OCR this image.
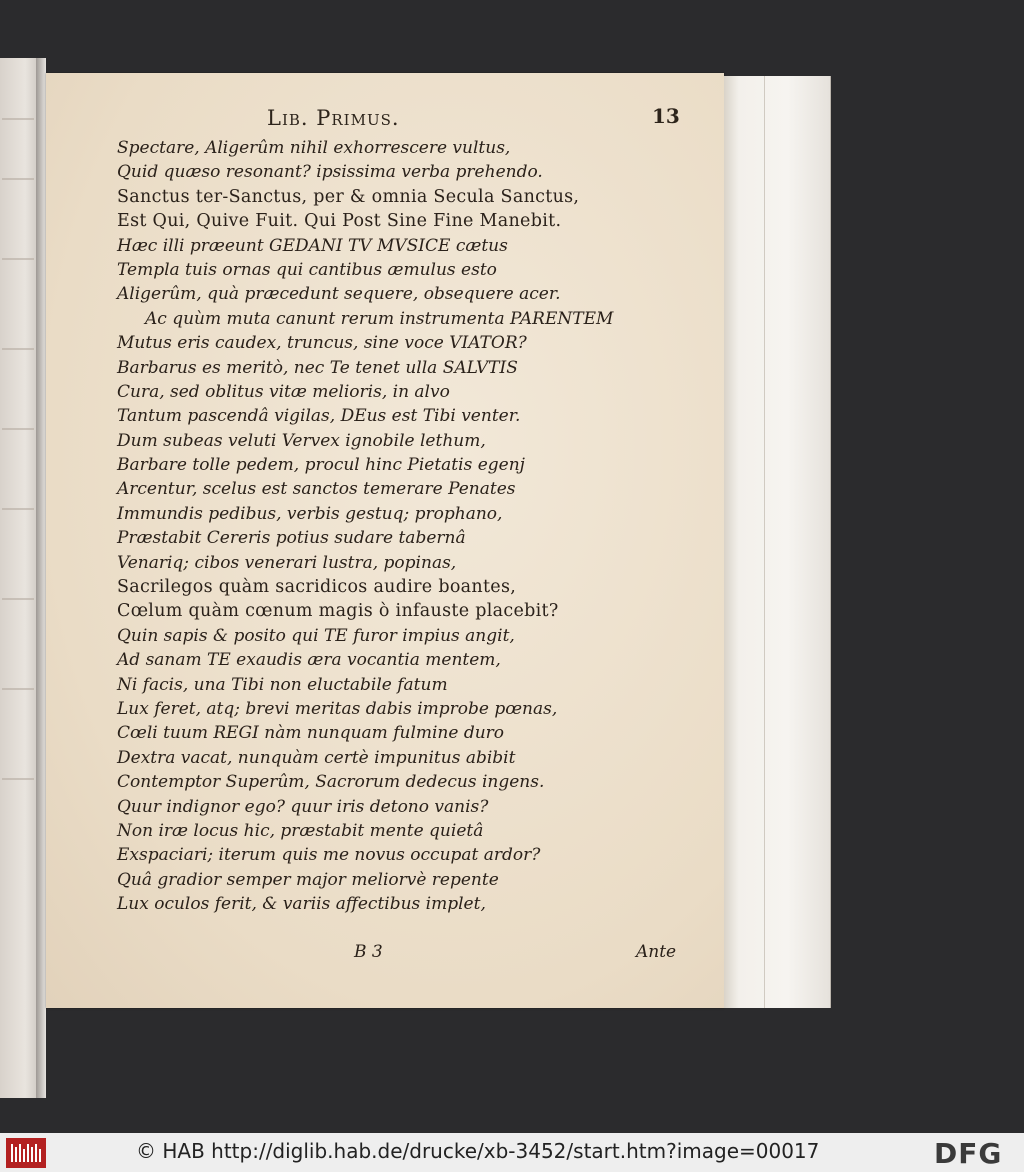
Lib. Primus.	13
Spectare, Aligerûm nihil exhorrescere vultus,
Quid quæso resonant? ipsissima verba prehendo.
Sanctus ter-Sanctus, per & omnia Secula Sanctus,
Est Qui, Quive Fuit. Qui Post Sine Fine Manebit.
Hæc illi præeunt GEDANI TV MVSICE cætus
Templa tuis ornas qui cantibus æmulus esto
Aligerûm, quà præcedunt sequere, obsequere acer.
Ac quùm muta canunt rerum instrumenta PARENTEM
Mutus eris caudex, truncus, sine voce VIATOR?
Barbarus es meritò, nec Te tenet ulla SALVTIS
Cura, sed oblitus vitæ melioris, in alvo
Tantum pascendâ vigilas, DEus est Tibi venter.
Dum subeas veluti Vervex ignobile lethum,
Barbare tolle pedem, procul hinc Pietatis egenj
Arcentur, scelus est sanctos temerare Penates
Immundis pedibus, verbis gestuq; prophano,
Præstabit Cereris potius sudare tabernâ
Venariq; cibos venerari lustra, popinas,
Sacrilegos quàm sacridicos audire boantes,
Cœlum quàm cœnum magis ò infauste placebit?
Quin sapis & posito qui TE furor impius angit,
Ad sanam TE exaudis æra vocantia mentem,
Ni facis, una Tibi non eluctabile fatum
Lux feret, atq; brevi meritas dabis improbe pœnas,
Cœli tuum REGI nàm nunquam fulmine duro
Dextra vacat, nunquàm certè impunitus abibit
Contemptor Superûm, Sacrorum dedecus ingens.
Quur indignor ego? quur iris detono vanis?
Non iræ locus hic, præstabit mente quietâ
Exspaciari; iterum quis me novus occupat ardor?
Quâ gradior semper major meliorvè repente
Lux oculos ferit, & variis affectibus implet,
B 3	Ante
© HAB http://diglib.hab.de/drucke/xb-3452/start.htm?image=00017	DFG
